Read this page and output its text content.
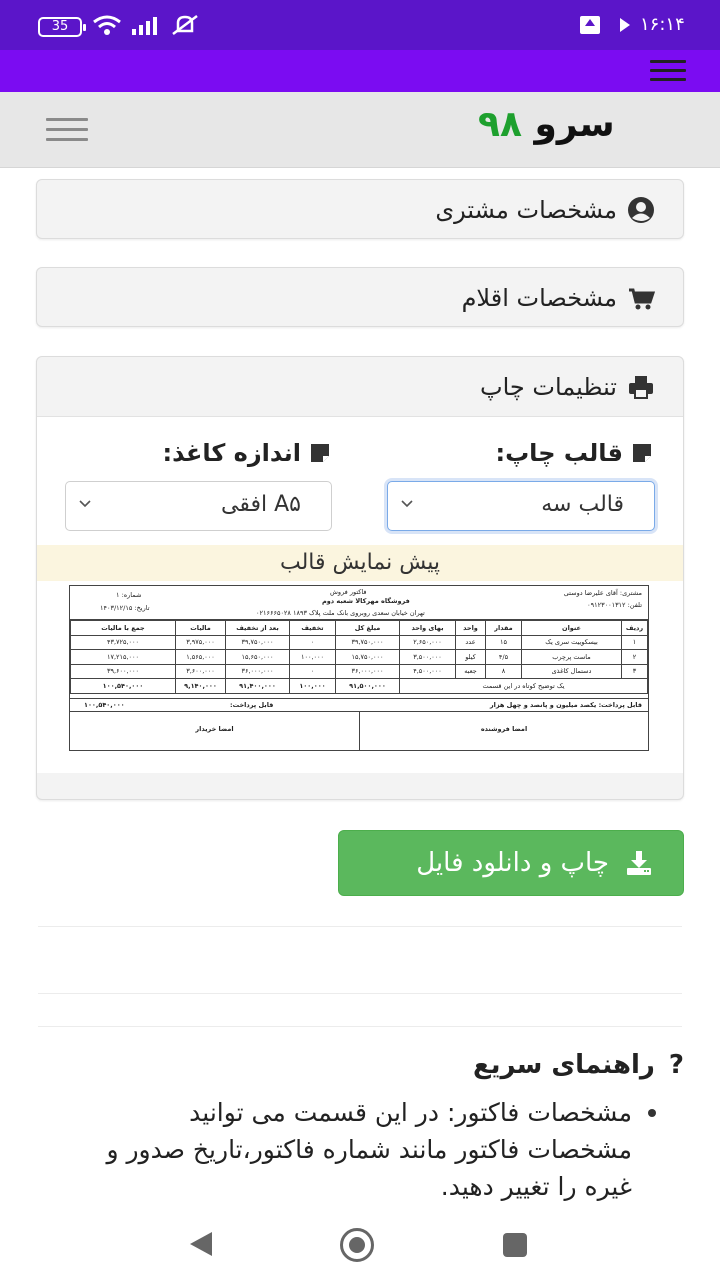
35	۱۶:۱۴
سرو ۹۸
مشخصات مشتری
مشخصات اقلام
تنظیمات چاپ
قالب چاپ:
اندازه کاغذ:
قالب سه
A۵ افقی
پیش نمایش قالب
مشتری: آقای علیرضا دوستی
تلفن: ۰۹۱۲۳۰۰۱۳۱۲
فاکتور فروش
فروشگاه مهرکالا شعبه دوم
تهران خیابان سعدی روبروی بانک ملت پلاک ۱۸۹۳ ۰۲۱۶۶۶۵۰۲۸
شماره: ۱
تاریخ: ۱۴۰۳/۱۲/۱۵
ردیف	عنوان	مقدار	واحد	بهای واحد	مبلغ کل	تخفیف	بعد از تخفیف	مالیات	جمع با مالیات
۱	بیسکوییت سری یک	۱۵	عدد	۲,۶۵۰,۰۰۰	۳۹,۷۵۰,۰۰۰	۰	۳۹,۷۵۰,۰۰۰	۳,۹۷۵,۰۰۰	۴۳,۷۲۵,۰۰۰
۲	ماست پرچرب	۴/۵	کیلو	۳,۵۰۰,۰۰۰	۱۵,۷۵۰,۰۰۰	۱۰۰,۰۰۰	۱۵,۶۵۰,۰۰۰	۱,۵۶۵,۰۰۰	۱۷,۲۱۵,۰۰۰
۳	دستمال کاغذی	۸	جعبه	۴,۵۰۰,۰۰۰	۳۶,۰۰۰,۰۰۰	۰	۳۶,۰۰۰,۰۰۰	۳,۶۰۰,۰۰۰	۳۹,۶۰۰,۰۰۰
یک توضیح کوتاه در این قسمت					۹۱,۵۰۰,۰۰۰	۱۰۰,۰۰۰	۹۱,۴۰۰,۰۰۰	۹,۱۴۰,۰۰۰	۱۰۰,۵۴۰,۰۰۰
قابل پرداخت: یکصد میلیون و پانصد و چهل هزار
قابل پرداخت:
۱۰۰,۵۴۰,۰۰۰
امضا فروشنده
امضا خریدار
چاپ و دانلود فایل
?
راهنمای سریع
مشخصات فاکتور: در این قسمت می توانید مشخصات فاکتور مانند شماره فاکتور،تاریخ صدور و غیره را تغییر دهید.
